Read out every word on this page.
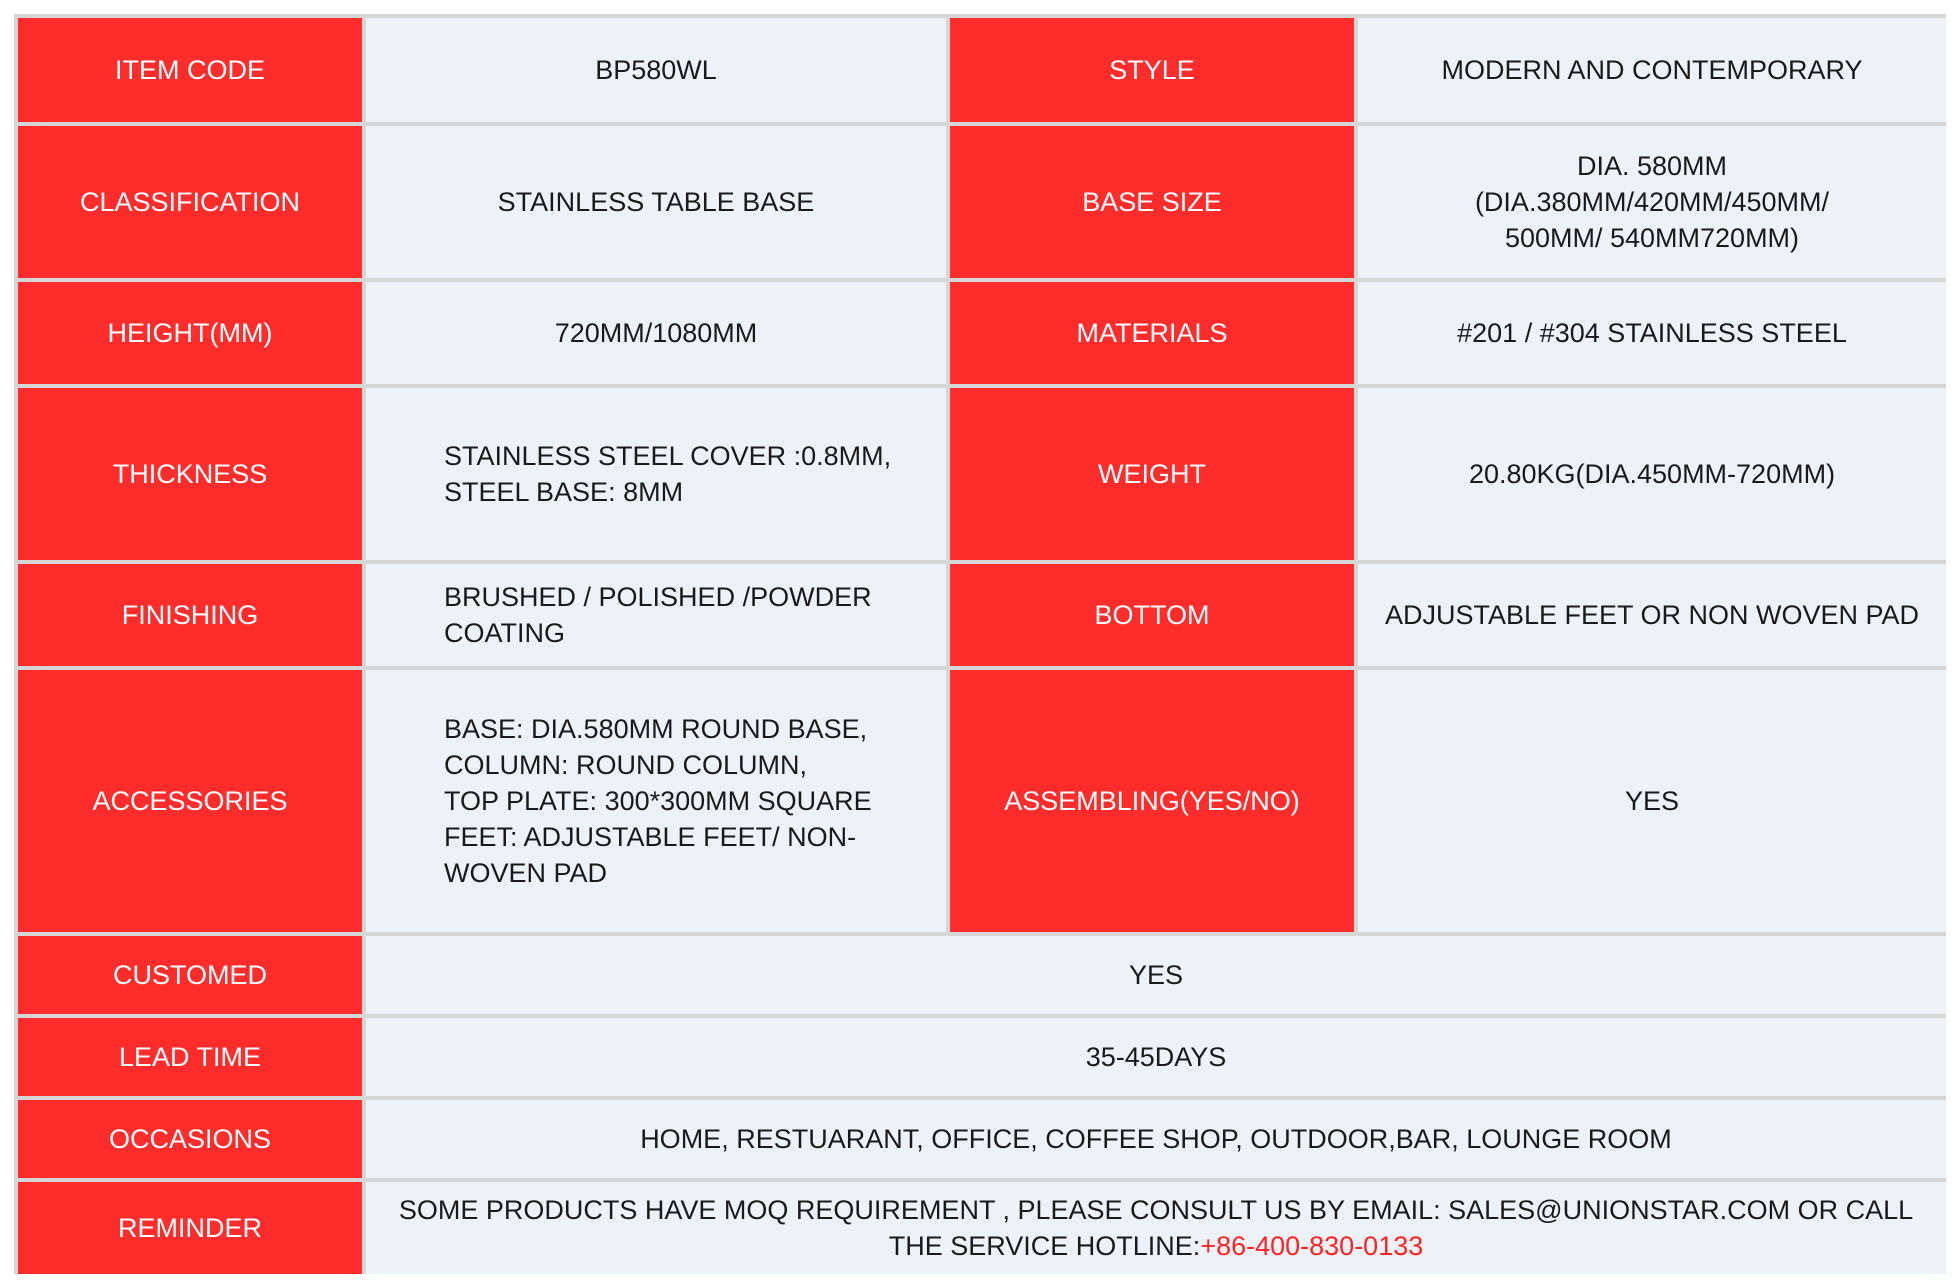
ITEM CODE	BP580WL	STYLE	MODERN AND CONTEMPORARY
CLASSIFICATION	STAINLESS TABLE BASE	BASE SIZE	DIA. 580MM
(DIA.380MM/420MM/450MM/
500MM/ 540MM720MM)

HEIGHT(MM)	720MM/1080MM	MATERIALS	#201 / #304 STAINLESS STEEL
THICKNESS	STAINLESS STEEL COVER :0.8MM,
STEEL BASE: 8MM	WEIGHT	20.80KG(DIA.450MM-720MM)
FINISHING	BRUSHED / POLISHED /POWDER
COATING	BOTTOM	ADJUSTABLE FEET OR NON WOVEN PAD
ACCESSORIES	BASE: DIA.580MM ROUND BASE,
COLUMN: ROUND COLUMN,
TOP PLATE: 300*300MM SQUARE
FEET: ADJUSTABLE FEET/ NON-
WOVEN PAD	ASSEMBLING(YES/NO)	YES
CUSTOMED	YES		
LEAD TIME	35-45DAYS		
OCCASIONS	HOME, RESTUARANT, OFFICE, COFFEE SHOP, OUTDOOR,BAR, LOUNGE ROOM		
REMINDER	SOME PRODUCTS HAVE MOQ REQUIREMENT , PLEASE CONSULT US BY EMAIL: SALES@UNIONSTAR.COM OR CALL
THE SERVICE HOTLINE:+86-400-830-0133		
